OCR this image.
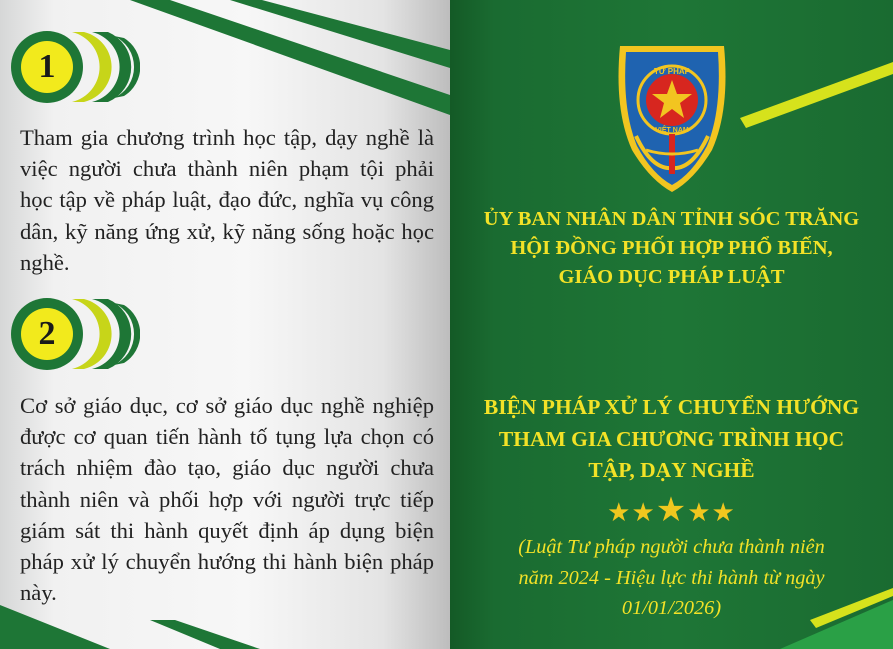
1

Tham gia chương trình học tập, dạy nghề là việc người chưa thành niên phạm tội phải học tập về pháp luật, đạo đức, nghĩa vụ công dân, kỹ năng ứng xử, kỹ năng sống hoặc học nghề.

2

Cơ sở giáo dục, cơ sở giáo dục nghề nghiệp được cơ quan tiến hành tố tụng lựa chọn có trách nhiệm đào tạo, giáo dục người chưa thành niên và phối hợp với người trực tiếp giám sát thi hành quyết định áp dụng biện pháp xử lý chuyển hướng thi hành biện pháp này.

TƯ PHÁP
VIỆT NAM
ỦY BAN NHÂN DÂN TỈNH SÓC TRĂNG
HỘI ĐỒNG PHỐI HỢP PHỔ BIẾN,
GIÁO DỤC PHÁP LUẬT
BIỆN PHÁP XỬ LÝ CHUYỂN HƯỚNG
THAM GIA CHƯƠNG TRÌNH HỌC
TẬP, DẠY NGHỀ
★★★★★
(Luật Tư pháp người chưa thành niên
năm 2024 - Hiệu lực thi hành từ ngày
01/01/2026)
